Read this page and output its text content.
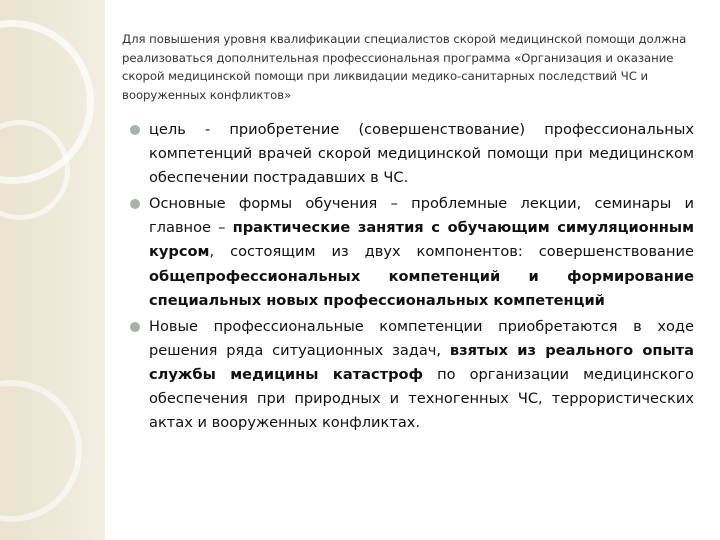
Для повышения уровня квалификации специалистов скорой медицинской помощи должна реализоваться дополнительная профессиональная программа «Организация и оказание скорой медицинской помощи при ликвидации медико-санитарных последствий ЧС и вооруженных конфликтов»
цель - приобретение (совершенствование) профессиональных компетенций врачей скорой медицинской помощи при медицинском обеспечении пострадавших в ЧС.
Основные формы обучения – проблемные лекции, семинары и главное – практические занятия с обучающим симуляционным курсом, состоящим из двух компонентов: совершенствование общепрофессиональных компетенций и формирование специальных новых профессиональных компетенций
Новые профессиональные компетенции приобретаются в ходе решения ряда ситуационных задач, взятых из реального опыта службы медицины катастроф по организации медицинского обеспечения при природных и техногенных ЧС, террористических актах и вооруженных конфликтах.
